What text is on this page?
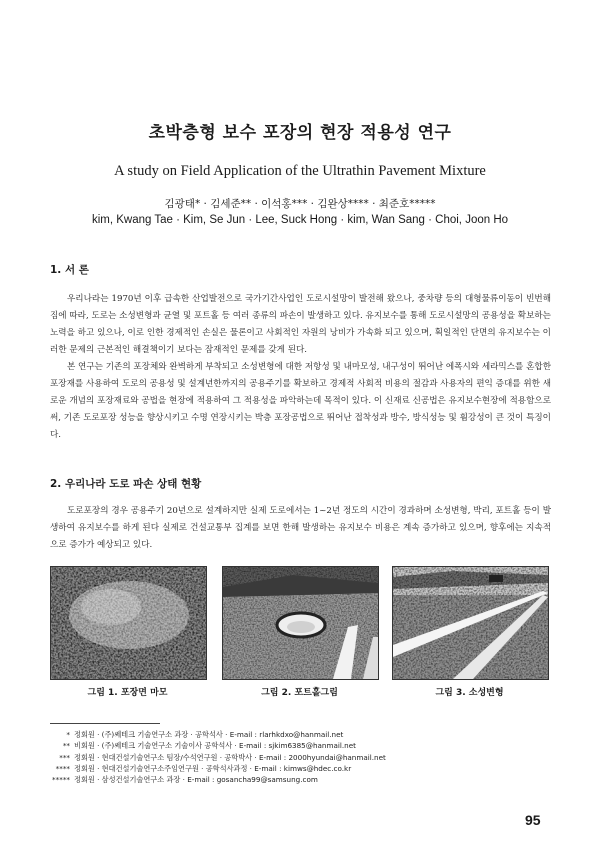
초박층형 보수 포장의 현장 적용성 연구
A study on Field Application of the Ultrathin Pavement Mixture
김광태* · 김세준** · 이석홍*** · 김완상**** · 최준호*****
kim, Kwang Tae · Kim, Se Jun · Lee, Suck Hong · kim, Wan Sang · Choi, Joon Ho
1. 서 론

우리나라는 1970년 이후 급속한 산업발전으로 국가기간사업인 도로시설망이 발전해 왔으나, 중차량 등의 대형물류이동이 빈번해짐에 따라, 도로는 소성변형과 균열 및 포트홀 등 여러 종류의 파손이 발생하고 있다. 유지보수를 통해 도로시설망의 공용성을 확보하는 노력을 하고 있으나, 이로 인한 경제적인 손실은 물론이고 사회적인 자원의 낭비가 가속화 되고 있으며, 획일적인 단면의 유지보수는 이러한 문제의 근본적인 해결책이기 보다는 잠재적인 문제를 갖게 된다.

본 연구는 기존의 포장체와 완벽하게 부착되고 소성변형에 대한 저항성 및 내마모성, 내구성이 뛰어난 에폭시와 세라믹스를 혼합한 포장재를 사용하여 도로의 공용성 및 설계년한까지의 공용주기를 확보하고 경제적 사회적 비용의 절감과 사용자의 편익 증대를 위한 새로운 개념의 포장재료와 공법을 현장에 적용하여 그 적용성을 파악하는데 목적이 있다. 이 신재료 신공법은 유지보수현장에 적용함으로써, 기존 도로포장 성능을 향상시키고 수명 연장시키는 박층 포장공법으로 뛰어난 접착성과 방수, 방식성능 및 휨강성이 큰 것이 특징이다.

2. 우리나라 도로 파손 상태 현황

도로포장의 경우 공용주기 20년으로 설계하지만 실제 도로에서는 1~2년 정도의 시간이 경과하며 소성변형, 박리, 포트홀 등이 발생하여 유지보수를 하게 된다 실제로 건설교통부 집계를 보면 한해 발생하는 유지보수 비용은 계속 증가하고 있으며, 향후에는 지속적으로 증가가 예상되고 있다.

그림 1. 포장면 마모	그림 2. 포트홀그림	그림 3. 소성변형
* 정회원 · (주)쎄테크 기술연구소 과장 · 공학석사 · E-mail : rlarhkdxo@hanmail.net
** 비회원 · (주)쎄테크 기술연구소 기술이사 공학석사 · E-mail : sjkim6385@hanmail.net
*** 정회원 · 현대건설기술연구소 팀장/수석연구원 · 공학박사 · E-mail : 2000hyundai@hanmail.net
**** 정회원 · 현대건설기술연구소주임연구원 · 공학석사과정 · E-mail : kimws@hdec.co.kr
***** 정회원 · 삼성건설기술연구소 과장 · E-mail : gosancha99@samsung.com
95
